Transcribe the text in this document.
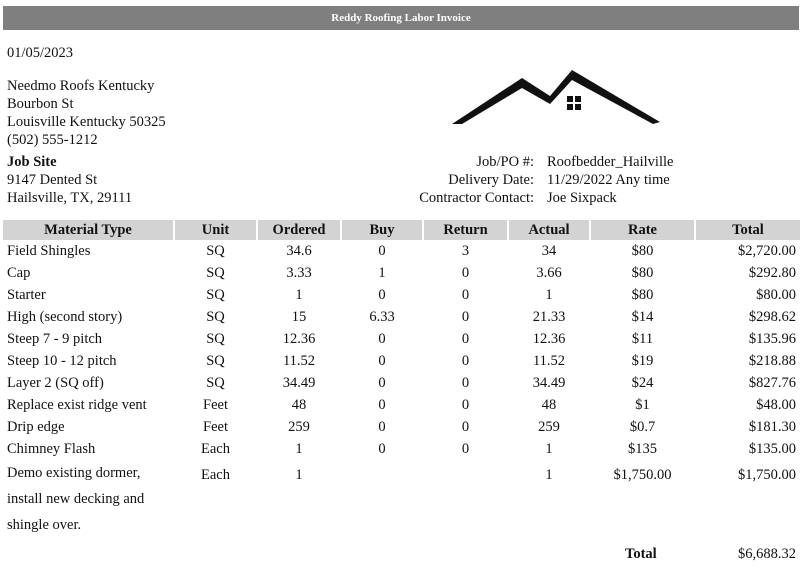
Reddy Roofing Labor Invoice
01/05/2023
Needmo Roofs Kentucky
Bourbon St
Louisville Kentucky 50325
(502) 555-1212
Job Site
9147 Dented St
Hailsville, TX, 29111
Job/PO #: Roofbedder_Hailville
Delivery Date: 11/29/2022 Any time
Contractor Contact: Joe Sixpack
Material Type	Unit	Ordered	Buy	Return	Actual	Rate	Total
Field Shingles	SQ	34.6	0	3	34	$80	$2,720.00
Cap	SQ	3.33	1	0	3.66	$80	$292.80
Starter	SQ	1	0	0	1	$80	$80.00
High (second story)	SQ	15	6.33	0	21.33	$14	$298.62
Steep 7 - 9 pitch	SQ	12.36	0	0	12.36	$11	$135.96
Steep 10 - 12 pitch	SQ	11.52	0	0	11.52	$19	$218.88
Layer 2 (SQ off)	SQ	34.49	0	0	34.49	$24	$827.76
Replace exist ridge vent	Feet	48	0	0	48	$1	$48.00
Drip edge	Feet	259	0	0	259	$0.7	$181.30
Chimney Flash	Each	1	0	0	1	$135	$135.00
Demo existing dormer, install new decking and shingle over.	Each	1			1	$1,750.00	$1,750.00
Total	$6,688.32
